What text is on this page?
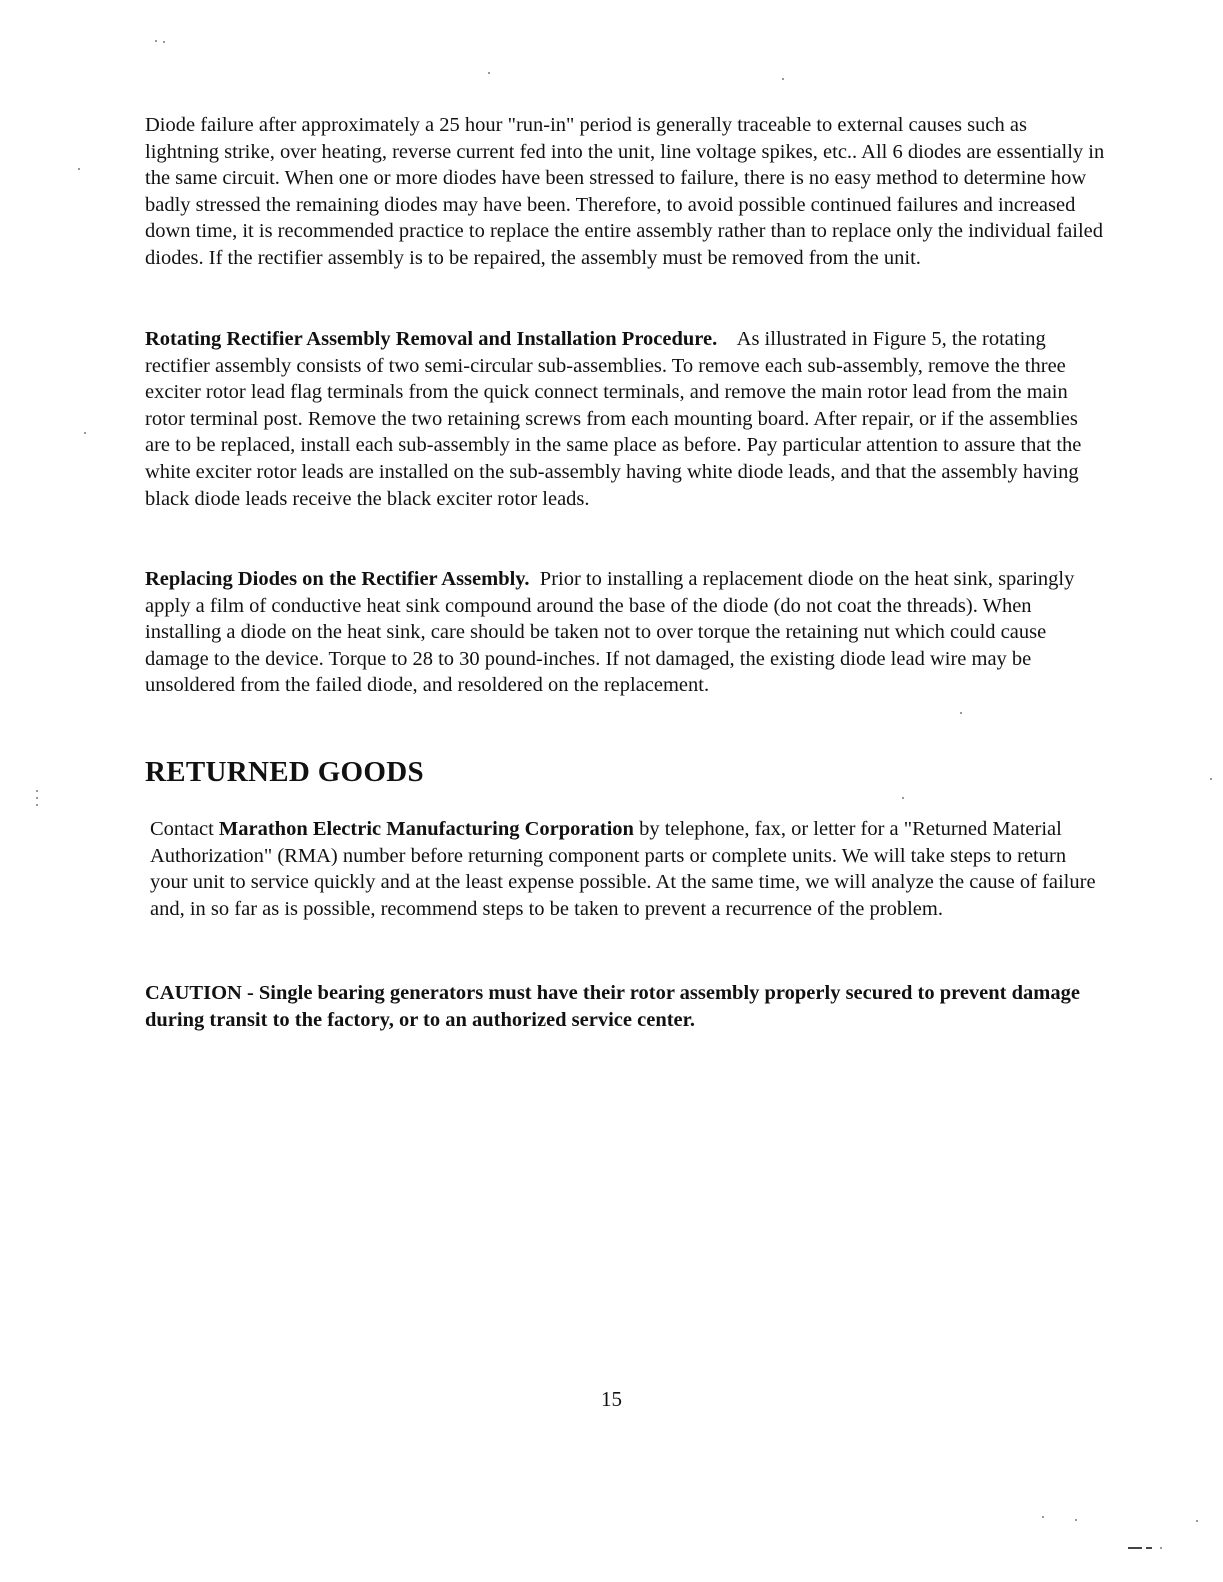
Diode failure after approximately a 25 hour "run-in" period is generally traceable to external causes such as lightning strike, over heating, reverse current fed into the unit, line voltage spikes, etc.. All 6 diodes are essentially in the same circuit. When one or more diodes have been stressed to failure, there is no easy method to determine how badly stressed the remaining diodes may have been. Therefore, to avoid possible continued failures and increased down time, it is recommended practice to replace the entire assembly rather than to replace only the individual failed diodes. If the rectifier assembly is to be repaired, the assembly must be removed from the unit.

Rotating Rectifier Assembly Removal and Installation Procedure. As illustrated in Figure 5, the rotating rectifier assembly consists of two semi-circular sub-assemblies. To remove each sub-assembly, remove the three exciter rotor lead flag terminals from the quick connect terminals, and remove the main rotor lead from the main rotor terminal post. Remove the two retaining screws from each mounting board. After repair, or if the assemblies are to be replaced, install each sub-assembly in the same place as before. Pay particular attention to assure that the white exciter rotor leads are installed on the sub-assembly having white diode leads, and that the assembly having black diode leads receive the black exciter rotor leads.

Replacing Diodes on the Rectifier Assembly. Prior to installing a replacement diode on the heat sink, sparingly apply a film of conductive heat sink compound around the base of the diode (do not coat the threads). When installing a diode on the heat sink, care should be taken not to over torque the retaining nut which could cause damage to the device. Torque to 28 to 30 pound-inches. If not damaged, the existing diode lead wire may be unsoldered from the failed diode, and resoldered on the replacement.

RETURNED GOODS

Contact Marathon Electric Manufacturing Corporation by telephone, fax, or letter for a "Returned Material Authorization" (RMA) number before returning component parts or complete units. We will take steps to return your unit to service quickly and at the least expense possible. At the same time, we will analyze the cause of failure and, in so far as is possible, recommend steps to be taken to prevent a recurrence of the problem.

CAUTION - Single bearing generators must have their rotor assembly properly secured to prevent damage during transit to the factory, or to an authorized service center.

15
